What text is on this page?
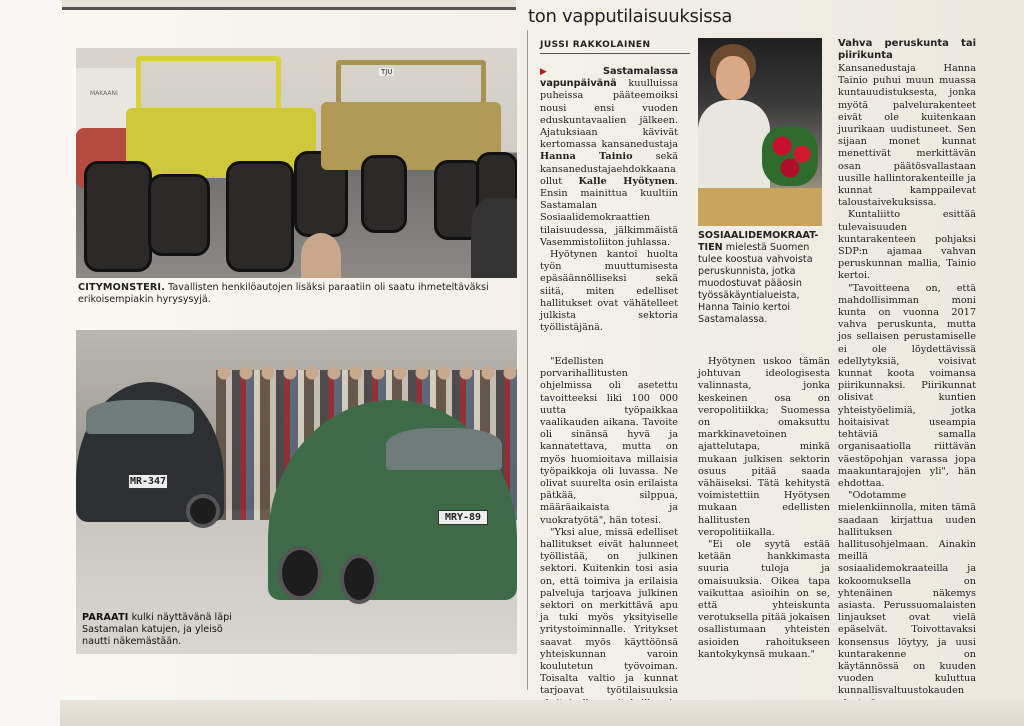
ton vapputilaisuuksissa
MAKAANI
TJU
CITYMONSTERI. Tavallisten henkilöautojen lisäksi paraatiin oli saatu ihmeteltäväksi erikoisempiakin hyrysysyjä.
MR-347
MRY-89
PARAATI kulki näyttävänä läpi Sastamalan katujen, ja yleisö nautti näkemästään.
JUSSI RAKKOLAINEN

▶Sastamalassa vapunpäivänä kuulluissa puheissa pääteemoiksi nousi ensi vuoden eduskuntavaalien jälkeen. Ajatuksiaan kävivät kertomassa kansanedustaja Hanna Tainio sekä kansanedustajaehdokkaana ollut Kalle Hyötynen. Ensin mainittua kuultiin Sastamalan Sosiaalidemokraattien tilaisuudessa, jälkimmäistä Vasemmistoliiton juhlassa.

Hyötynen kantoi huolta työn muuttumisesta epäsäännölliseksi sekä siitä, miten edelliset hallitukset ovat vähätelleet julkista sektoria työllistäjänä.

"Edellisten porvarihallitusten ohjelmissa oli asetettu tavoitteeksi liki 100 000 uutta työpaikkaa vaalikauden aikana. Tavoite oli sinänsä hyvä ja kannatettava, mutta on myös huomioitava millaisia työpaikkoja oli luvassa. Ne olivat suurelta osin erilaista pätkää, silppua, määräaikaista ja vuokratyötä", hän totesi.

"Yksi alue, missä edelliset hallitukset eivät halunneet työllistää, on julkinen sektori. Kuitenkin tosi asia on, että toimiva ja erilaisia palveluja tarjoava julkinen sektori on merkittävä apu ja tuki myös yksityiselle yritystoiminnalle. Yritykset saavat myös käyttöönsä yhteiskunnan varoin koulutetun työvoiman. Toisalta valtio ja kunnat tarjoavat työtilaisuuksia

SOSIAALIDEMOKRAAT-TIEN mielestä Suomen tulee koostua vahvoista peruskunnista, jotka muodostuvat pääosin työssäkäyntialueista, Hanna Tainio kertoi Sastamalassa.

Hyötynen uskoo tämän johtuvan ideologisesta valinnasta, jonka keskeinen osa on veropolitiikka; Suomessa on omaksuttu markkinavetoinen ajattelutapa, minkä mukaan julkisen sektorin osuus pitää saada vähäiseksi. Tätä kehitystä voimistettiin Hyötysen mukaan edellisten hallitusten veropolitiikalla.

"Ei ole syytä estää ketään hankkimasta suuria tuloja ja omaisuuksia. Oikea tapa vaikuttaa asioihin on se, että yhteiskunta verotuksella pitää jokaisen osallistumaan yhteisten asioiden rahoitukseen kantokykynsä mukaan."

Vahva peruskunta tai piirikunta

Kansanedustaja Hanna Tainio puhui muun muassa kuntauudistuksesta, jonka myötä palvelurakenteet eivät ole kuitenkaan juurikaan uudistuneet. Sen sijaan monet kunnat menettivät merkittävän osan päätösvallastaan uusille hallintorakenteille ja kunnat kamppailevat taloustaivekuksissa.

Kuntaliitto esittää tulevaisuuden kuntarakenteen pohjaksi SDP:n ajamaa vahvan peruskunnan mallia, Tainio kertoi.

"Tavoitteena on, että mahdollisimman moni kunta on vuonna 2017 vahva peruskunta, mutta jos sellaisen perustamiselle ei ole löydettävissä edellytyksiä, voisivat kunnat koota voimansa piirikunnaksi. Piirikunnat olisivat kuntien yhteistyöelimiä, jotka hoitaisivat useampia tehtäviä samalla organisaatiolla riittävän väestöpohjan varassa jopa maakuntarajojen yli", hän ehdottaa.

"Odotamme mielenkiinnolla, miten tämä saadaan kirjattua uuden hallituksen hallitusohjelmaan. Ainakin meillä sosiaalidemokraateilla ja kokoomuksella on yhtenäinen näkemys asiasta. Perussuomalaisten linjaukset ovat vielä epäselvät. Toivottavaksi konsensus löytyy, ja uusi kuntarakenne on käytännössä on kuuden vuoden kuluttua kunnallisvaltuustokauden
